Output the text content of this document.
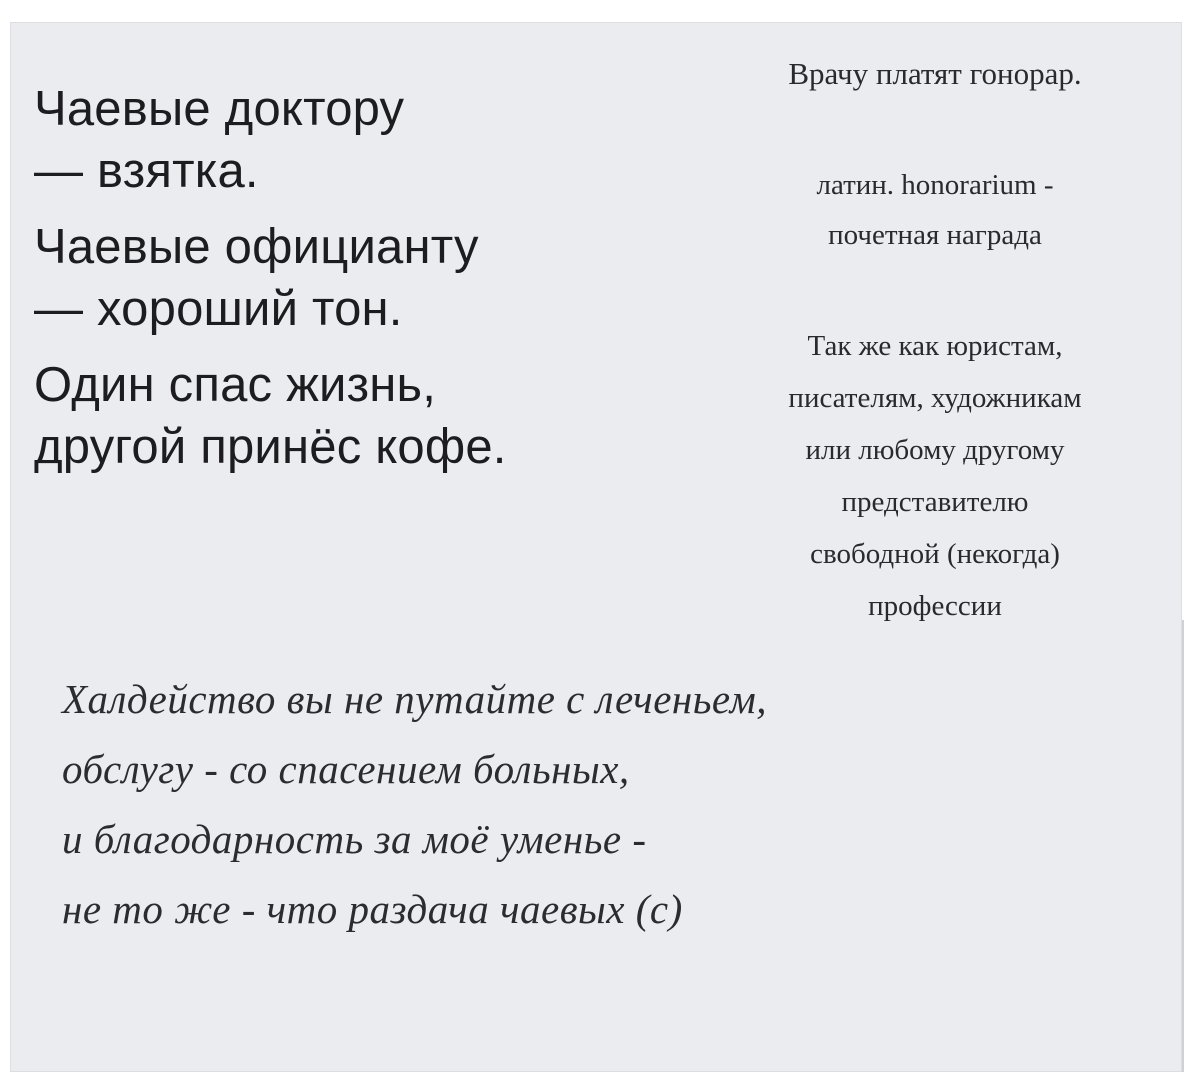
Чаевые доктору
— взятка.
Чаевые официанту
— хороший тон.
Один спас жизнь,
другой принёс кофе.
Врачу платят гонорар.
латин. honorarium -
почетная награда
Так же как юристам,
писателям, художникам
или любому другому
представителю
свободной (некогда)
профессии
Халдейство вы не путайте с леченьем,
обслугу - со спасением больных,
и благодарность за моё уменье -
не то же - что раздача чаевых (с)
